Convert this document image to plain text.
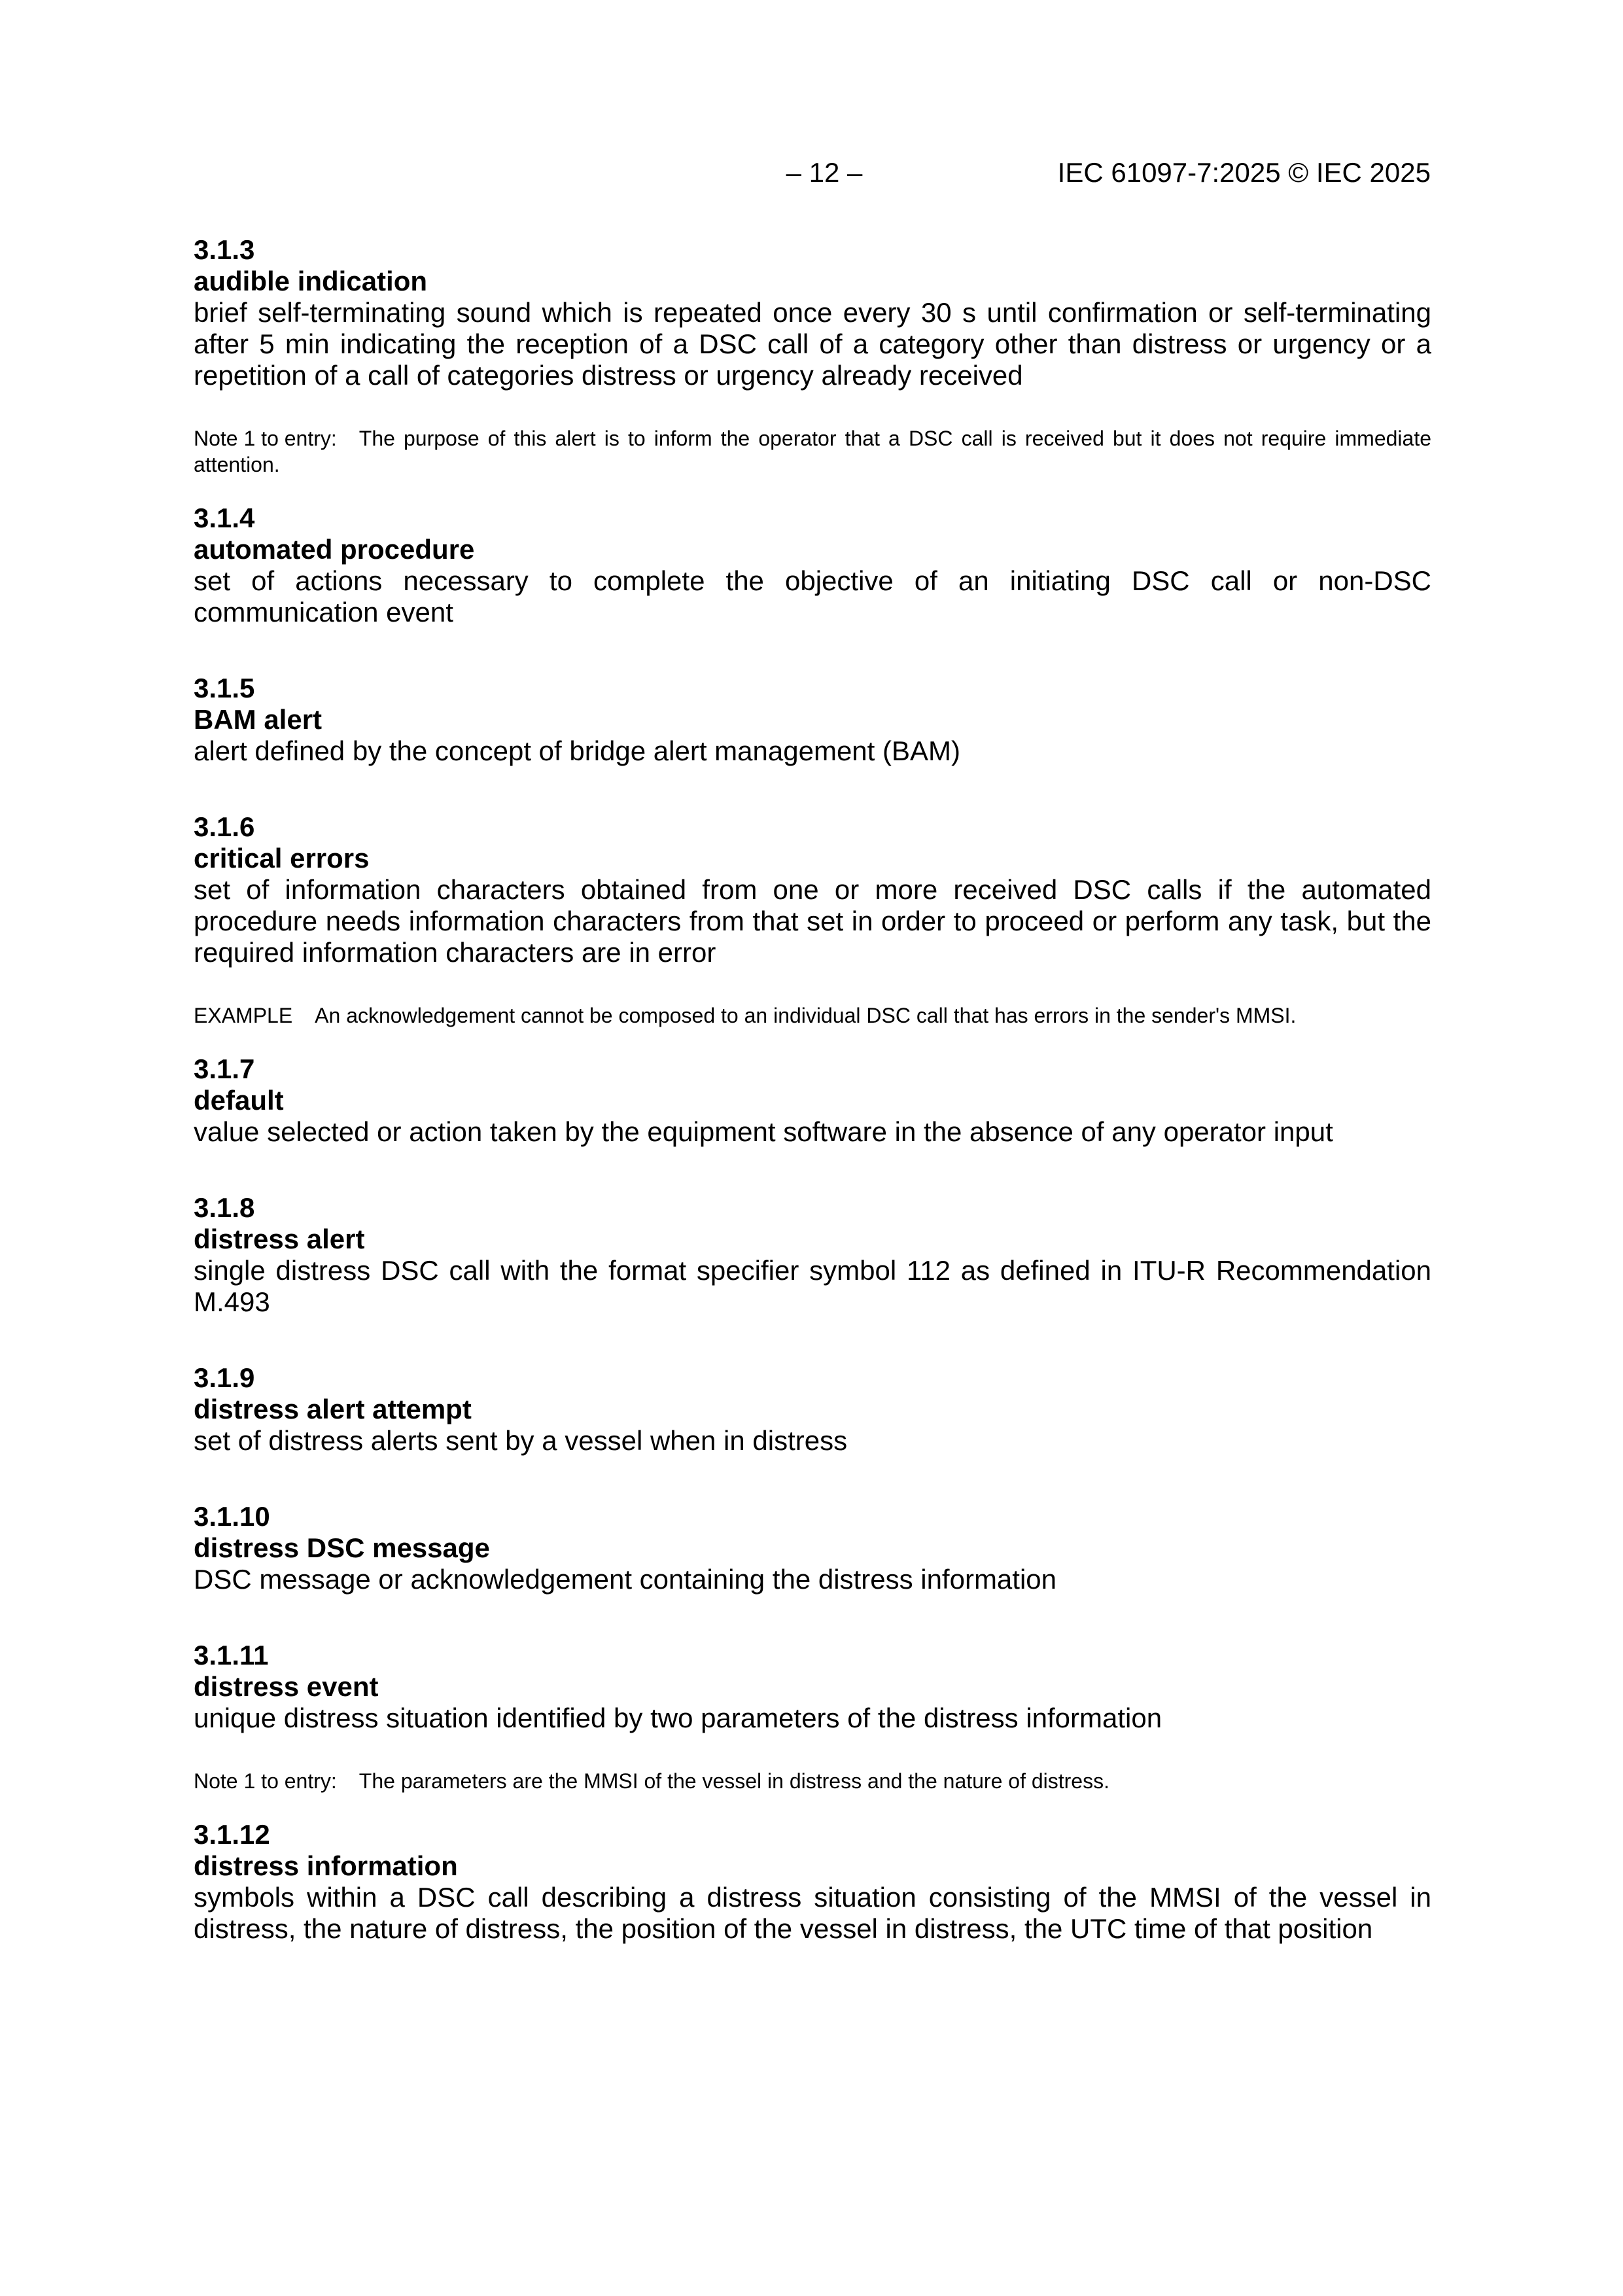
– 12 –	IEC 61097-7:2025 © IEC 2025

3.1.3

audible indication

brief self-terminating sound which is repeated once every 30 s until confirmation or self-terminating after 5 min indicating the reception of a DSC call of a category other than distress or urgency or a repetition of a call of categories distress or urgency already received

Note 1 to entry: The purpose of this alert is to inform the operator that a DSC call is received but it does not require immediate attention.

3.1.4

automated procedure

set of actions necessary to complete the objective of an initiating DSC call or non-DSC communication event

3.1.5

BAM alert

alert defined by the concept of bridge alert management (BAM)

3.1.6

critical errors

set of information characters obtained from one or more received DSC calls if the automated procedure needs information characters from that set in order to proceed or perform any task, but the required information characters are in error

EXAMPLE An acknowledgement cannot be composed to an individual DSC call that has errors in the sender's MMSI.

3.1.7

default

value selected or action taken by the equipment software in the absence of any operator input

3.1.8

distress alert

single distress DSC call with the format specifier symbol 112 as defined in ITU-R Recommendation M.493

3.1.9

distress alert attempt

set of distress alerts sent by a vessel when in distress

3.1.10

distress DSC message

DSC message or acknowledgement containing the distress information

3.1.11

distress event

unique distress situation identified by two parameters of the distress information

Note 1 to entry: The parameters are the MMSI of the vessel in distress and the nature of distress.

3.1.12

distress information

symbols within a DSC call describing a distress situation consisting of the MMSI of the vessel in distress, the nature of distress, the position of the vessel in distress, the UTC time of that position
